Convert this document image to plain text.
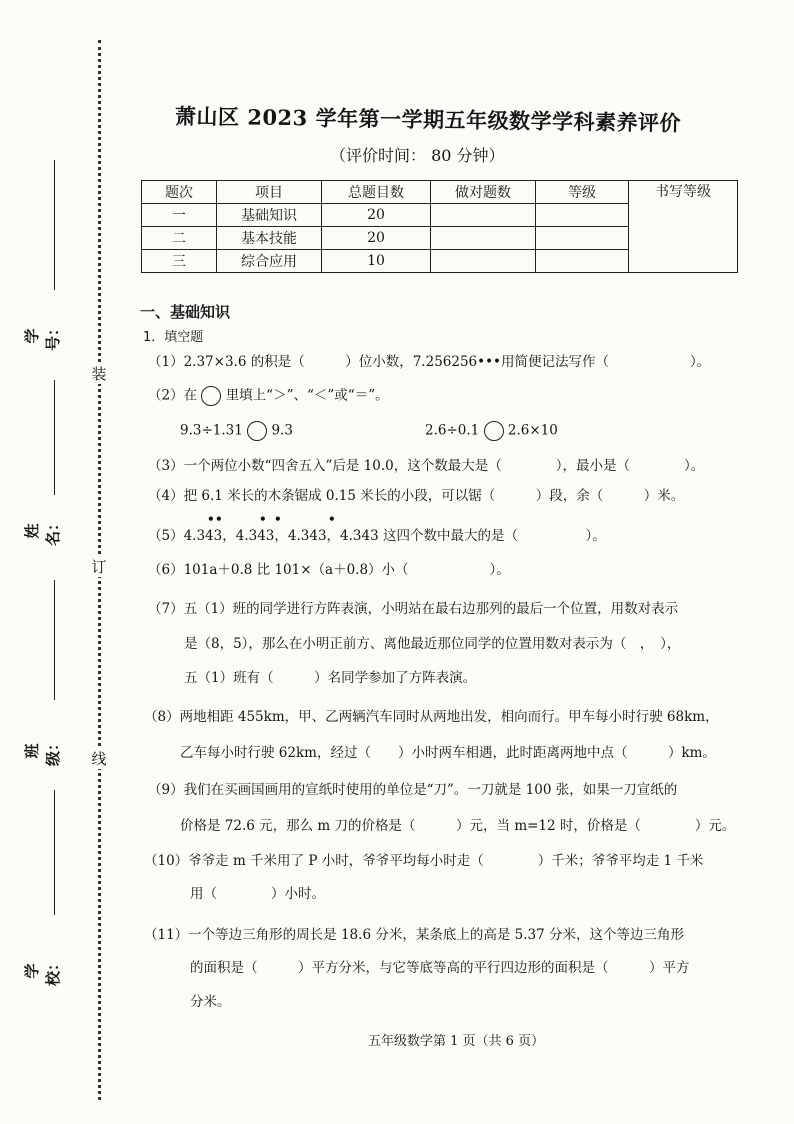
学号：
姓名：
班级：
学校：
装
订
线
萧山区 2023 学年第一学期五年级数学学科素养评价
（评价时间： 80 分钟）
题次	项目	总题目数	做对题数	等级	书写等级
一	基础知识	20			
二	基本技能	20			
三	综合应用	10			
一、基础知识
1．填空题
（1）2.37×3.6 的积是（　　　）位小数，7.256256•••用简便记法写作（　　　　　　）。
（2）在 里填上“＞”、“＜”或“＝”。
9.3÷1.31 9.3	2.6÷0.1 2.6×10
（3）一个两位小数“四舍五入”后是 10.0，这个数最大是（　　　　），最小是（　　　　）。
（4）把 6.1 米长的木条锯成 0.15 米长的小段，可以锯（　　　）段，余（　　　）米。
• •	• •	•
（5）4.343，4.343，4.343，4.343 这四个数中最大的是（　　　　　）。
（6）101a＋0.8 比 101×（a＋0.8）小（　　　　　　）。
（7）五（1）班的同学进行方阵表演，小明站在最右边那列的最后一个位置，用数对表示
是（8，5），那么在小明正前方、离他最近那位同学的位置用数对表示为（　，　），
五（1）班有（　　　）名同学参加了方阵表演。
（8）两地相距 455km，甲、乙两辆汽车同时从两地出发，相向而行。甲车每小时行驶 68km，
乙车每小时行驶 62km，经过（　　）小时两车相遇，此时距离两地中点（　　　）km。
（9）我们在买画国画用的宣纸时使用的单位是“刀”。一刀就是 100 张，如果一刀宣纸的
价格是 72.6 元，那么 m 刀的价格是（　　　）元，当 m=12 时，价格是（　　　　）元。
（10）爷爷走 m 千米用了 P 小时，爷爷平均每小时走（　　　　）千米；爷爷平均走 1 千米
用（　　　　）小时。
（11）一个等边三角形的周长是 18.6 分米，某条底上的高是 5.37 分米，这个等边三角形
的面积是（　　　）平方分米，与它等底等高的平行四边形的面积是（　　　）平方
分米。
五年级数学第 1 页（共 6 页）
